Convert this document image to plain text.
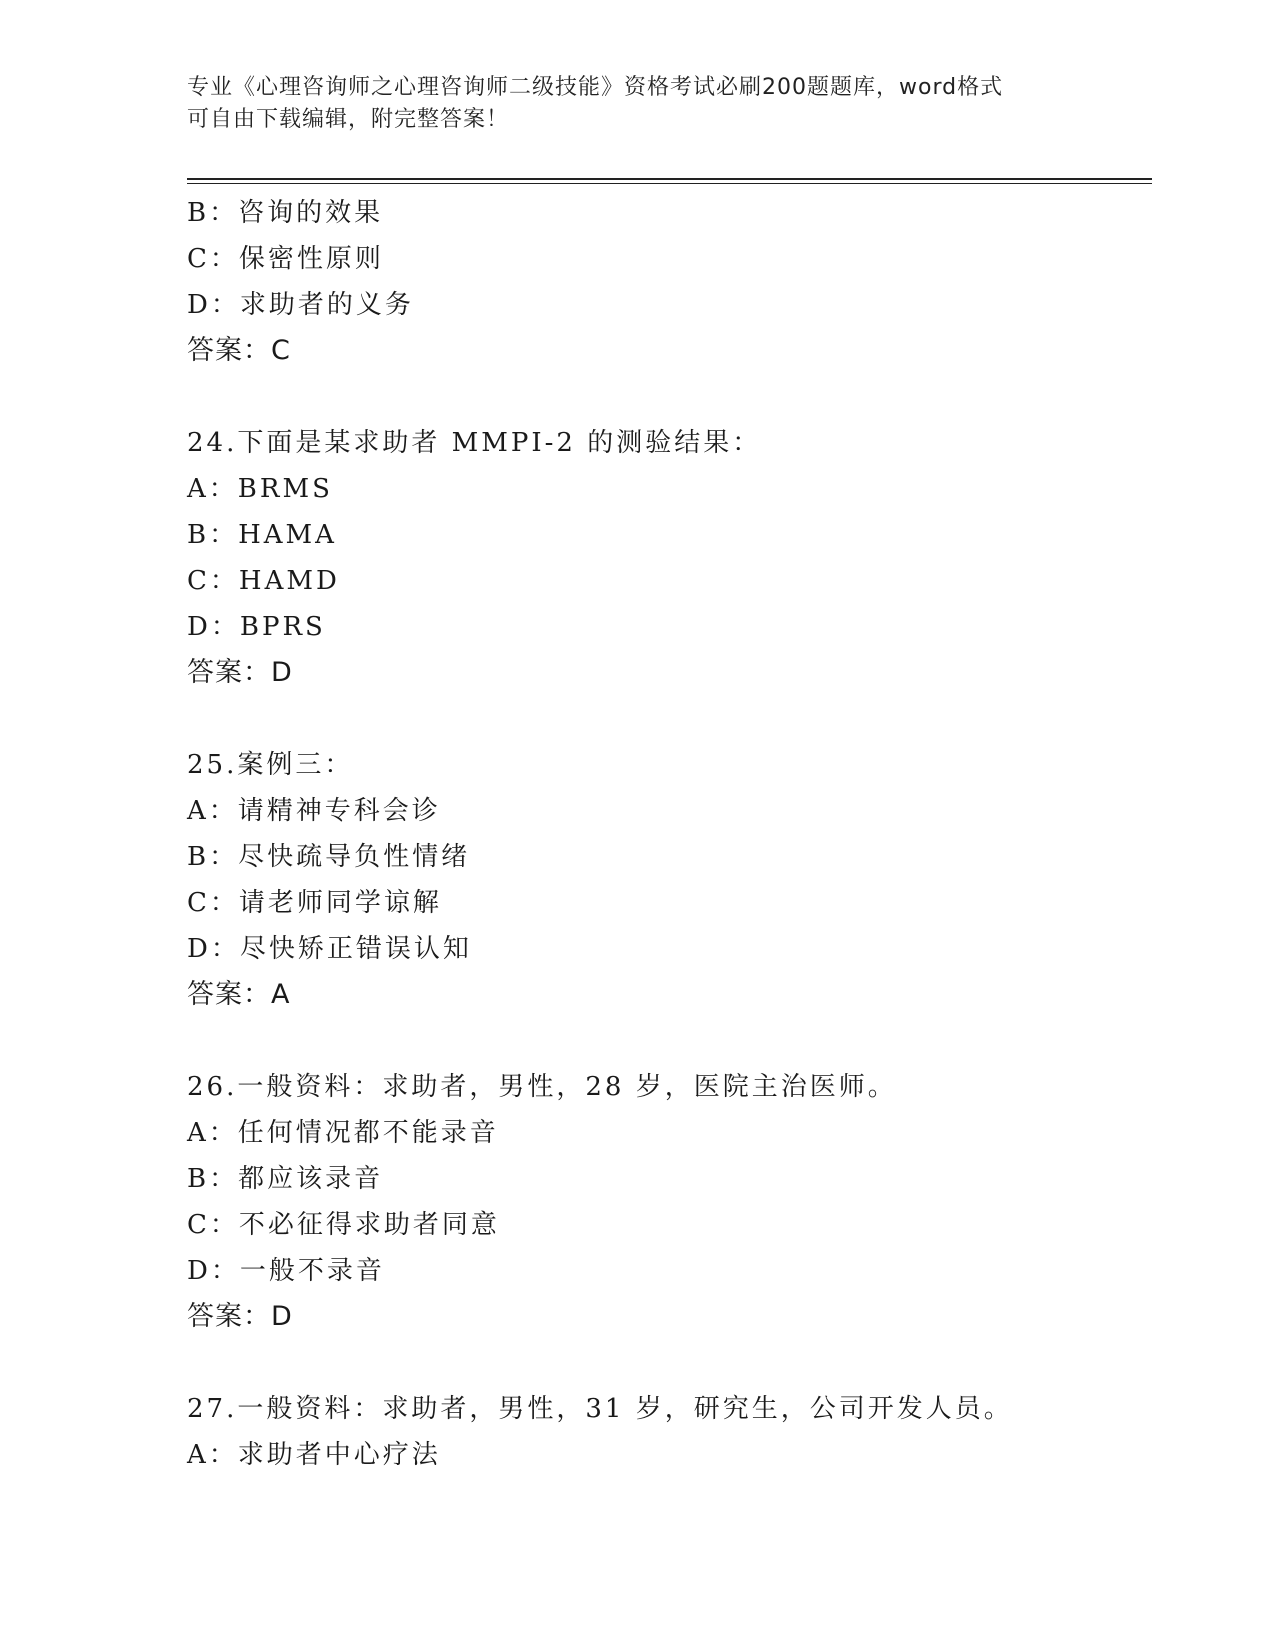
专业《心理咨询师之心理咨询师二级技能》资格考试必刷200题题库，word格式
可自由下载编辑，附完整答案！
B：咨询的效果
C：保密性原则
D：求助者的义务
答案：C
24.下面是某求助者 MMPI-2 的测验结果：
A：BRMS
B：HAMA
C：HAMD
D：BPRS
答案：D
25.案例三：
A：请精神专科会诊
B：尽快疏导负性情绪
C：请老师同学谅解
D：尽快矫正错误认知
答案：A
26.一般资料：求助者，男性，28 岁，医院主治医师。
A：任何情况都不能录音
B：都应该录音
C：不必征得求助者同意
D：一般不录音
答案：D
27.一般资料：求助者，男性，31 岁，研究生，公司开发人员。
A：求助者中心疗法
